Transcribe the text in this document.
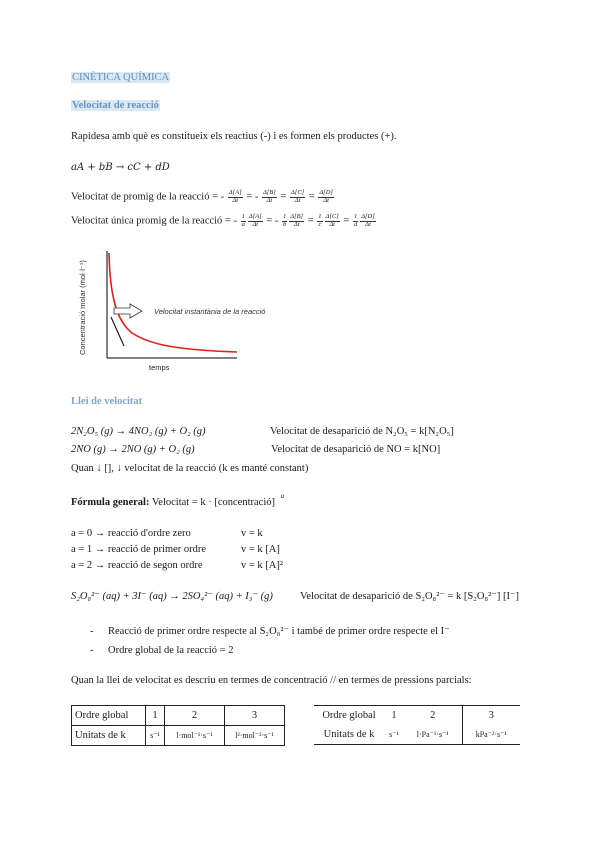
CINÈTICA QUÍMICA
Velocitat de reacció
Rapidesa amb què es constitueix els reactius (-) i es formen els productes (+).
aA + bB → cC + dD
Velocitat de promig de la reacció = - $\frac{\Delta[A]}{\Delta t}$ = - $\frac{\Delta[B]}{\Delta t} = \frac{\Delta[C]}{\Delta t} = \frac{\Delta[D]}{\Delta t}$
Velocitat única promig de la reacció = - $\frac{1}{a} \frac{\Delta[A]}{\Delta t}$ = - $\frac{1}{b} \frac{\Delta[B]}{\Delta t} = \frac{1}{c} \frac{\Delta[C]}{\Delta t} = \frac{1}{d} \frac{\Delta[D]}{\Delta t}$
Concentració molar (mol·l⁻¹)
temps
Velocitat instantània de la reacció
Llei de velocitat
2N₂O₅ (g) → 4NO₂ (g) + O₂ (g)	Velocitat de desaparició de N₂O₅ = k[N₂O₅]
2NO (g) → 2NO (g) + O₂ (g)	Velocitat de desaparició de NO = k[NO]
Quan ↓ [], ↓ velocitat de la reacció (k es manté constant)
Fórmula general: Velocitat = k · [concentració] $^a$
a = 0 → reacció d'ordre zero	v = k
a = 1 → reacció de primer ordre	v = k [A]
a = 2 → reacció de segon ordre	v = k [A]²
S₂O₈²⁻ (aq) + 3I⁻ (aq) → 2SO₄²⁻ (aq) + I₃⁻ (g)	Velocitat de desaparició de S₂O₈²⁻ = k [S₂O₈²⁻] [I⁻]
- Reacció de primer ordre respecte al S₂O₈²⁻ i també de primer ordre respecte el I⁻
- Ordre global de la reacció = 2
Quan la llei de velocitat es descriu en termes de concentració // en termes de pressions parcials:
Ordre global	1	2	3
Unitats de k	s⁻¹	l·mol⁻¹·s⁻¹	l²·mol⁻²·s⁻¹
Ordre global	1	2	3
Unitats de k	s⁻¹	l·Pa⁻¹·s⁻¹	kPa⁻²·s⁻¹
